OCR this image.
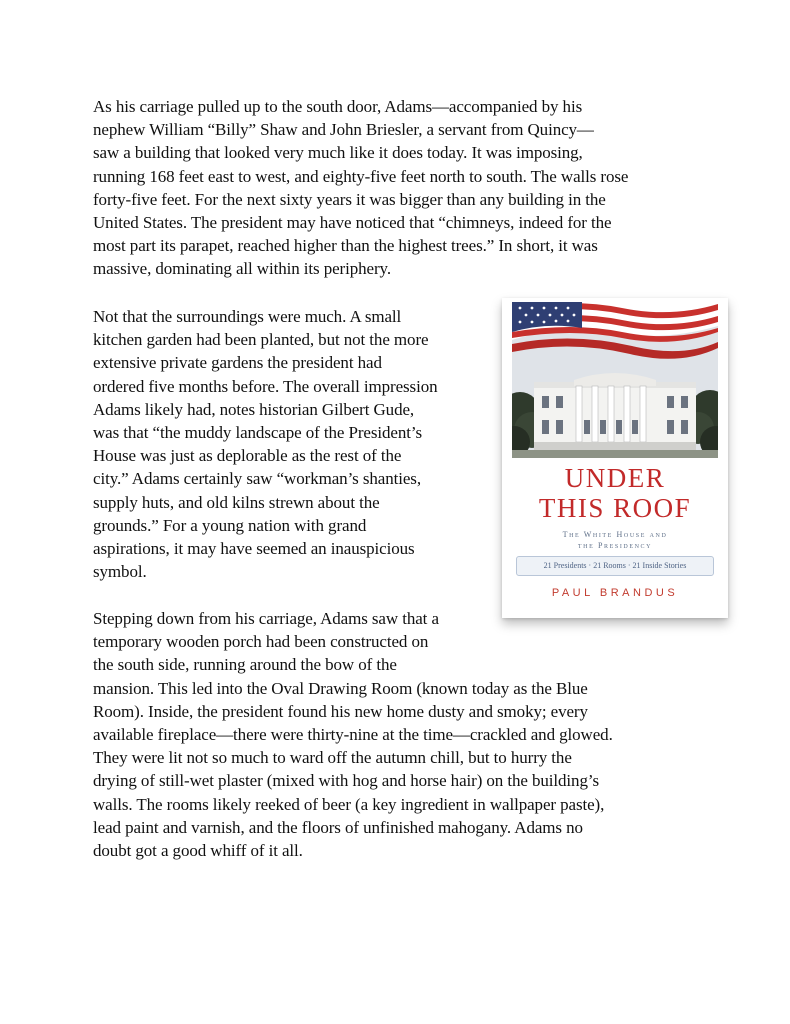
As his carriage pulled up to the south door, Adams—accompanied by his
nephew William “Billy” Shaw and John Briesler, a servant from Quincy—
saw a building that looked very much like it does today. It was imposing,
running 168 feet east to west, and eighty-five feet north to south. The walls rose
forty-five feet. For the next sixty years it was bigger than any building in the
United States. The president may have noticed that “chimneys, indeed for the
most part its parapet, reached higher than the highest trees.” In short, it was
massive, dominating all within its periphery.
Not that the surroundings were much. A small
kitchen garden had been planted, but not the more
extensive private gardens the president had
ordered five months before. The overall impression
Adams likely had, notes historian Gilbert Gude,
was that “the muddy landscape of the President’s
House was just as deplorable as the rest of the
city.” Adams certainly saw “workman’s shanties,
supply huts, and old kilns strewn about the
grounds.” For a young nation with grand
aspirations, it may have seemed an inauspicious
symbol.
Stepping down from his carriage, Adams saw that a
temporary wooden porch had been constructed on
the south side, running around the bow of the
mansion. This led into the Oval Drawing Room (known today as the Blue
Room). Inside, the president found his new home dusty and smoky; every
available fireplace—there were thirty-nine at the time—crackled and glowed.
They were lit not so much to ward off the autumn chill, but to hurry the
drying of still-wet plaster (mixed with hog and horse hair) on the building’s
walls. The rooms likely reeked of beer (a key ingredient in wallpaper paste),
lead paint and varnish, and the floors of unfinished mahogany. Adams no
doubt got a good whiff of it all.
UNDER
THIS ROOF
The White House and
the Presidency
21 Presidents · 21 Rooms · 21 Inside Stories
PAUL BRANDUS
